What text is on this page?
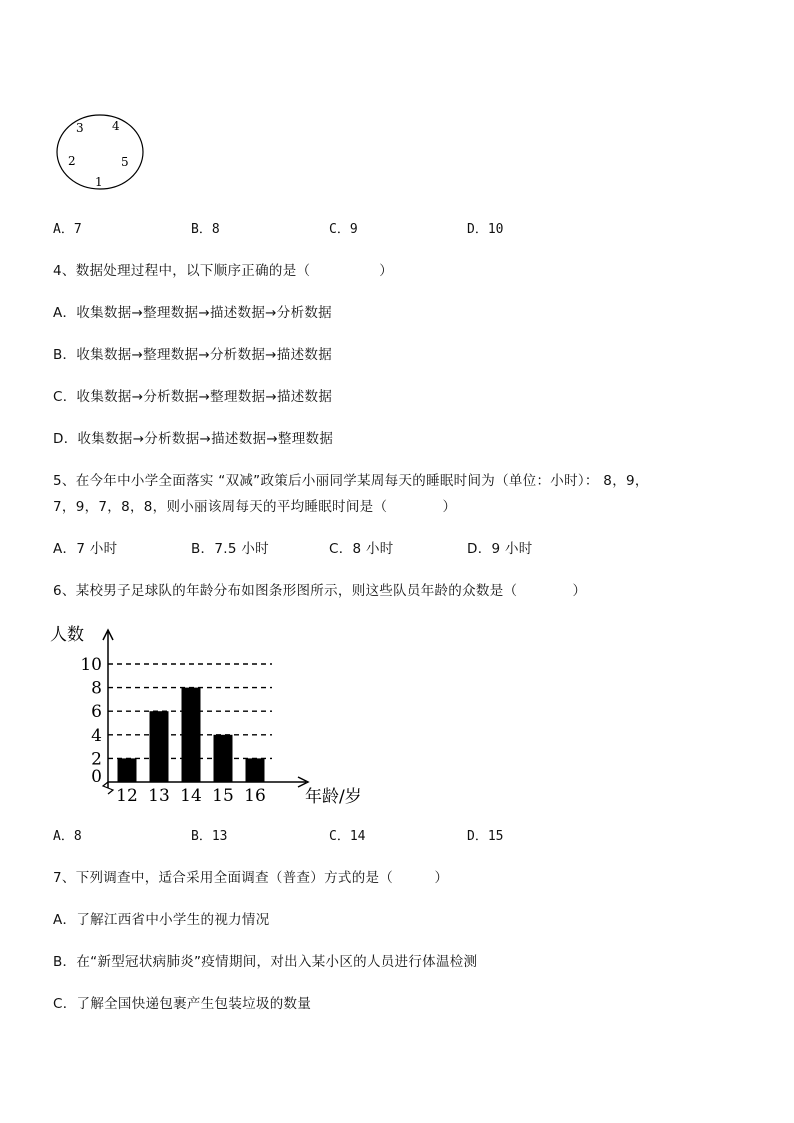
3 4
2	5
1
A．7	B．8	C．9	D．10
4、数据处理过程中，以下顺序正确的是（　　　　　）
A．收集数据→整理数据→描述数据→分析数据
B．收集数据→整理数据→分析数据→描述数据
C．收集数据→分析数据→整理数据→描述数据
D．收集数据→分析数据→描述数据→整理数据
5、在今年中小学全面落实 “双减”政策后小丽同学某周每天的睡眠时间为（单位：小时）： 8，9，
7，9，7，8，8，则小丽该周每天的平均睡眠时间是（　　　　）
A．7 小时	B．7.5 小时	C．8 小时	D．9 小时
6、某校男子足球队的年龄分布如图条形图所示，则这些队员年龄的众数是（　　　　）
人数
年龄/岁
0
2
4
6
8
10
12 13 14 15 16
A．8	B．13	C．14	D．15
7、下列调查中，适合采用全面调查（普查）方式的是（　　　）
A．了解江西省中小学生的视力情况
B．在“新型冠状病肺炎”疫情期间，对出入某小区的人员进行体温检测
C．了解全国快递包裹产生包装垃圾的数量
